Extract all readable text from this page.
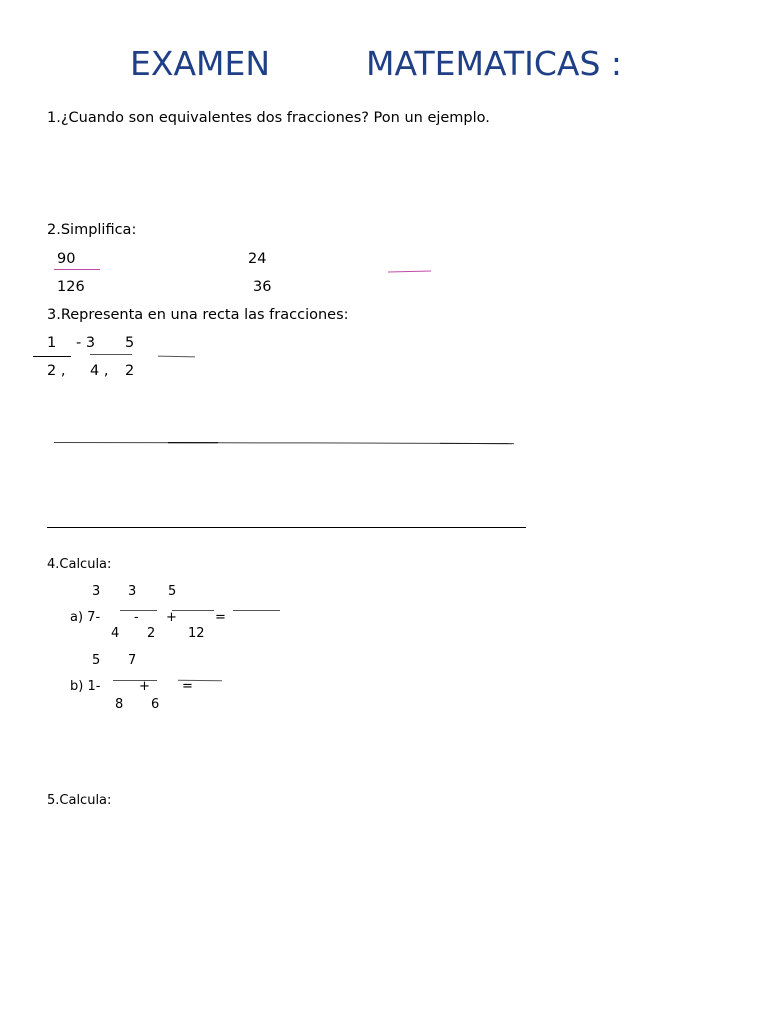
EXAMEN	MATEMATICAS :
1.¿Cuando son equivalentes dos fracciones? Pon un ejemplo.
2.Simplifica:
90
126
24
36
3.Representa en una recta las fracciones:
1 - 3 5
2 , 4 , 2
4.Calcula:
3 3 5
a) 7-	- +	=
4 2	12
5 7
b) 1-	+ =
8 6
5.Calcula:
